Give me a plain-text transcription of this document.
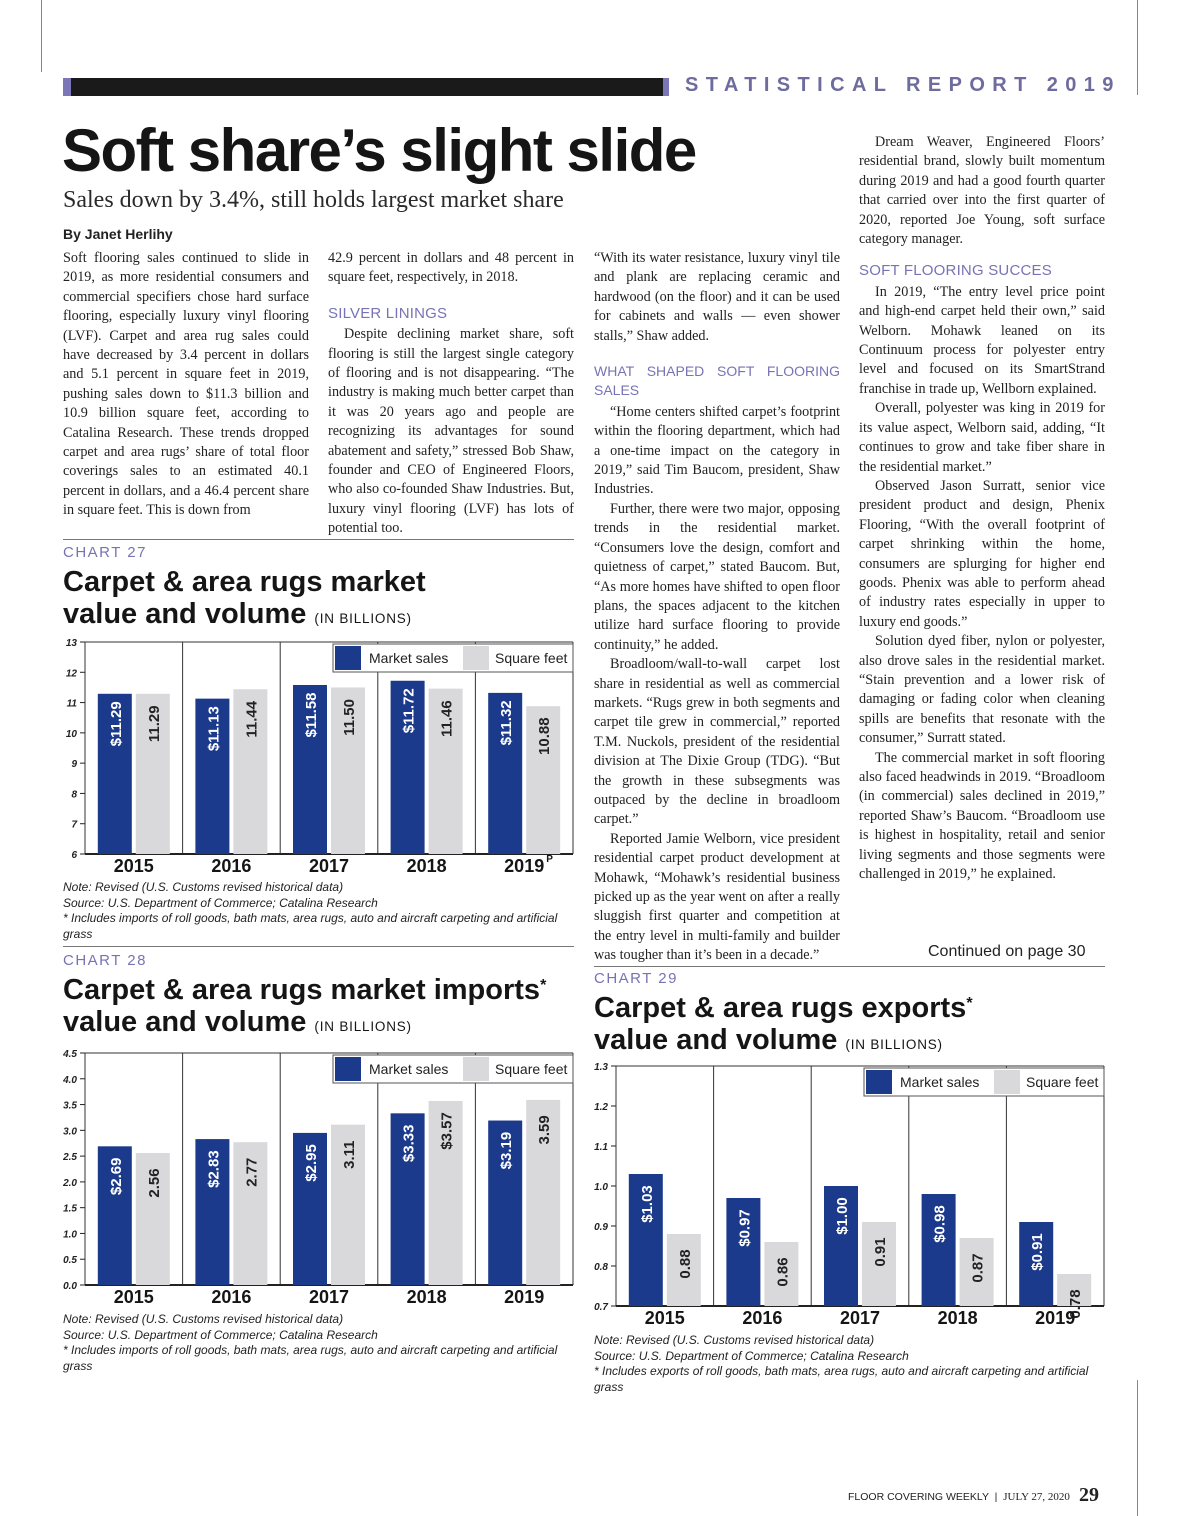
STATISTICAL REPORT 2019
Soft share’s slight slide
Sales down by 3.4%, still holds largest market share
By Janet Herlihy

Soft flooring sales continued to slide in 2019, as more residential consumers and commercial specifiers chose hard surface flooring, especially luxury vinyl flooring (LVF). Carpet and area rug sales could have decreased by 3.4 percent in dollars and 5.1 percent in square feet in 2019, pushing sales down to $11.3 billion and 10.9 billion square feet, according to Catalina Research. These trends dropped carpet and area rugs’ share of total floor coverings sales to an estimated 40.1 percent in dollars, and a 46.4 percent share in square feet. This is down from

42.9 percent in dollars and 48 percent in square feet, respectively, in 2018.

SILVER LININGS

Despite declining market share, soft flooring is still the largest single category of flooring and is not disappearing. “The industry is making much better carpet than it was 20 years ago and people are recognizing its advantages for sound abatement and safety,” stressed Bob Shaw, founder and CEO of Engineered Floors, who also co-founded Shaw Industries. But, luxury vinyl flooring (LVF) has lots of potential too.

“With its water resistance, luxury vinyl tile and plank are replacing ceramic and hardwood (on the floor) and it can be used for cabinets and walls — even shower stalls,” Shaw added.

WHAT SHAPED SOFT FLOORING SALES

“Home centers shifted carpet’s footprint within the flooring department, which had a one-time impact on the category in 2019,” said Tim Baucom, president, Shaw Industries.

Further, there were two major, opposing trends in the residential market. “Consumers love the design, comfort and quietness of carpet,” stated Baucom. But, “As more homes have shifted to open floor plans, the spaces adjacent to the kitchen utilize hard surface flooring to provide continuity,” he added.

Broadloom/wall-to-wall carpet lost share in residential as well as commercial markets. “Rugs grew in both segments and carpet tile grew in commercial,” reported T.M. Nuckols, president of the residential division at The Dixie Group (TDG). “But the growth in these subsegments was outpaced by the decline in broadloom carpet.”

Reported Jamie Welborn, vice president residential carpet product development at Mohawk, “Mohawk’s residential business picked up as the year went on after a really sluggish first quarter and competition at the entry level in multi-family and builder was tougher than it’s been in a decade.”

Dream Weaver, Engineered Floors’ residential brand, slowly built momentum during 2019 and had a good fourth quarter that carried over into the first quarter of 2020, reported Joe Young, soft surface category manager.

SOFT FLOORING SUCCES

In 2019, “The entry level price point and high-end carpet held their own,” said Welborn. Mohawk leaned on its Continuum process for polyester entry level and focused on its SmartStrand franchise in trade up, Wellborn explained.

Overall, polyester was king in 2019 for its value aspect, Welborn said, adding, “It continues to grow and take fiber share in the residential market.”

Observed Jason Surratt, senior vice president product and design, Phenix Flooring, “With the overall footprint of carpet shrinking within the home, consumers are splurging for higher end goods. Phenix was able to perform ahead of industry rates especially in upper to luxury end goods.”

Solution dyed fiber, nylon or polyester, also drove sales in the residential market. “Stain prevention and a lower risk of damaging or fading color when cleaning spills are benefits that resonate with the consumer,” Surratt stated.

The commercial market in soft flooring also faced headwinds in 2019. “Broadloom (in commercial) sales declined in 2019,” reported Shaw’s Baucom. “Broadloom use is highest in hospitality, retail and senior living segments and those segments were challenged in 2019,” he explained.

Continued on page 30
CHART 27
Carpet & area rugs market
value and volume (IN BILLIONS)
6
7
8
9
10
11
12
13
$11.29 11.29
2015
$11.13 11.44
2016
$11.58 11.50
2017
$11.72 11.46
2018
$11.32 10.88
2019 P
Market sales	Square feet
Note: Revised (U.S. Customs revised historical data)
Source: U.S. Department of Commerce; Catalina Research
* Includes imports of roll goods, bath mats, area rugs, auto and aircraft carpeting and artificial grass
CHART 28
Carpet & area rugs market imports*
value and volume (IN BILLIONS)
0.0
0.5
1.0
1.5
2.0
2.5
3.0
3.5
4.0
4.5
$2.69 2.56
2015
$2.83 2.77
2016
$2.95 3.11
2017
$3.33 $3.57
2018
$3.19
3.59
2019
Market sales	Square feet
Note: Revised (U.S. Customs revised historical data)
Source: U.S. Department of Commerce; Catalina Research
* Includes imports of roll goods, bath mats, area rugs, auto and aircraft carpeting and artificial grass
CHART 29
Carpet & area rugs exports*
value and volume (IN BILLIONS)
0.7
0.8
0.9
1.0
1.1
1.2
1.3
$1.03
0.88
2015
$0.97
0.86
2016
$1.00
0.91
2017
$0.98
0.87
2018
$0.91
0.78
2019
Market sales	Square feet
Note: Revised (U.S. Customs revised historical data)
Source: U.S. Department of Commerce; Catalina Research
* Includes exports of roll goods, bath mats, area rugs, auto and aircraft carpeting and artificial grass
FLOOR COVERING WEEKLY | JULY 27, 2020 29
